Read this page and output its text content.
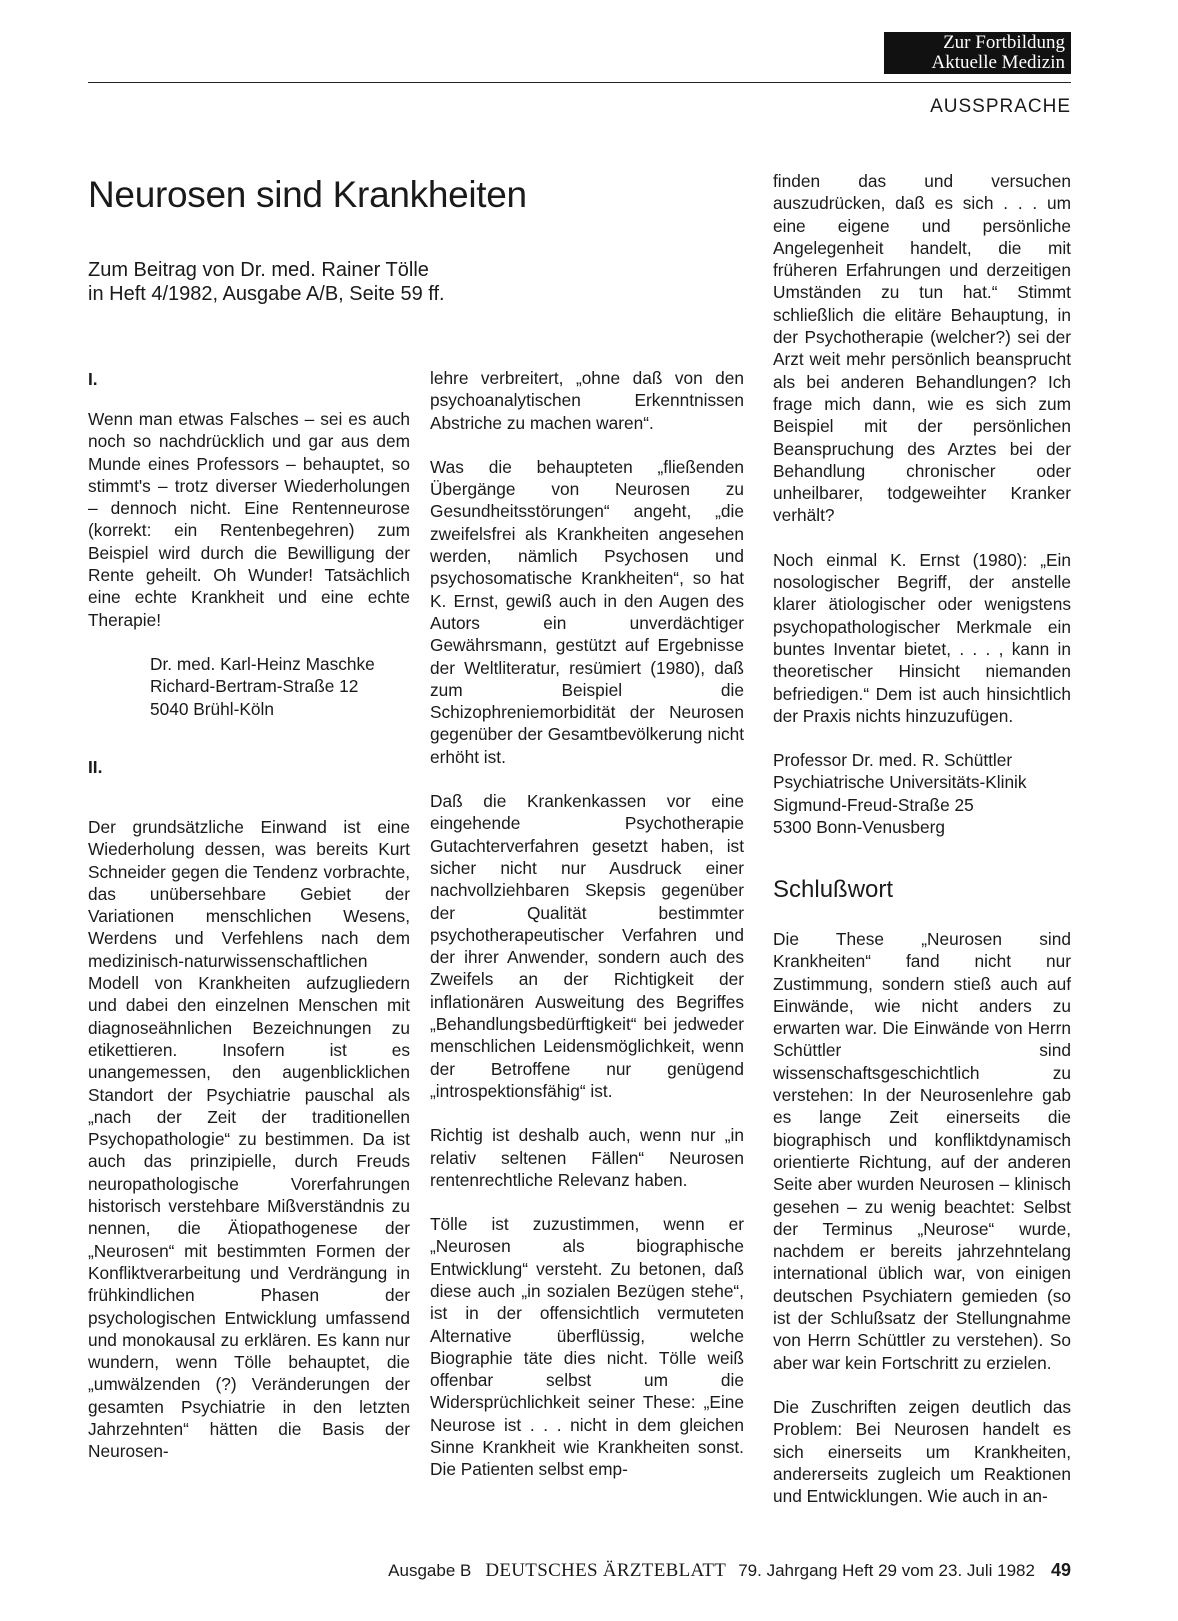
Zur Fortbildung
Aktuelle Medizin
AUSSPRACHE
Neurosen sind Krankheiten
Zum Beitrag von Dr. med. Rainer Tölle
in Heft 4/1982, Ausgabe A/B, Seite 59 ff.

I.

Wenn man etwas Falsches – sei es auch noch so nachdrücklich und gar aus dem Munde eines Professors – behauptet, so stimmt's – trotz diverser Wiederholungen – dennoch nicht. Eine Rentenneurose (korrekt: ein Rentenbegehren) zum Beispiel wird durch die Bewilligung der Rente geheilt. Oh Wunder! Tatsächlich eine echte Krankheit und eine echte Therapie!

Dr. med. Karl-Heinz Maschke
Richard-Bertram-Straße 12
5040 Brühl-Köln

II.

Der grundsätzliche Einwand ist eine Wiederholung dessen, was bereits Kurt Schneider gegen die Tendenz vorbrachte, das unübersehbare Gebiet der Variationen menschlichen Wesens, Werdens und Verfehlens nach dem medizinisch-naturwissenschaftlichen Modell von Krankheiten aufzugliedern und dabei den einzelnen Menschen mit diagnoseähnlichen Bezeichnungen zu etikettieren. Insofern ist es unangemessen, den augenblicklichen Standort der Psychiatrie pauschal als „nach der Zeit der traditionellen Psychopathologie“ zu bestimmen. Da ist auch das prinzipielle, durch Freuds neuropathologische Vorerfahrungen historisch verstehbare Mißverständnis zu nennen, die Ätiopathogenese der „Neurosen“ mit bestimmten Formen der Konfliktverarbeitung und Verdrängung in frühkindlichen Phasen der psychologischen Entwicklung umfassend und monokausal zu erklären. Es kann nur wundern, wenn Tölle behauptet, die „umwälzenden (?) Veränderungen der gesamten Psychiatrie in den letzten Jahrzehnten“ hätten die Basis der Neurosen-

lehre verbreitert, „ohne daß von den psychoanalytischen Erkenntnissen Abstriche zu machen waren“.

Was die behaupteten „fließenden Übergänge von Neurosen zu Gesundheitsstörungen“ angeht, „die zweifelsfrei als Krankheiten angesehen werden, nämlich Psychosen und psychosomatische Krankheiten“, so hat K. Ernst, gewiß auch in den Augen des Autors ein unverdächtiger Gewährsmann, gestützt auf Ergebnisse der Weltliteratur, resümiert (1980), daß zum Beispiel die Schizophreniemorbidität der Neurosen gegenüber der Gesamtbevölkerung nicht erhöht ist.

Daß die Krankenkassen vor eine eingehende Psychotherapie Gutachterverfahren gesetzt haben, ist sicher nicht nur Ausdruck einer nachvollziehbaren Skepsis gegenüber der Qualität bestimmter psychotherapeutischer Verfahren und der ihrer Anwender, sondern auch des Zweifels an der Richtigkeit der inflationären Ausweitung des Begriffes „Behandlungsbedürftigkeit“ bei jedweder menschlichen Leidensmöglichkeit, wenn der Betroffene nur genügend „introspektionsfähig“ ist.

Richtig ist deshalb auch, wenn nur „in relativ seltenen Fällen“ Neurosen rentenrechtliche Relevanz haben.

Tölle ist zuzustimmen, wenn er „Neurosen als biographische Entwicklung“ versteht. Zu betonen, daß diese auch „in sozialen Bezügen stehe“, ist in der offensichtlich vermuteten Alternative überflüssig, welche Biographie täte dies nicht. Tölle weiß offenbar selbst um die Widersprüchlichkeit seiner These: „Eine Neurose ist . . . nicht in dem gleichen Sinne Krankheit wie Krankheiten sonst. Die Patienten selbst emp-

finden das und versuchen auszudrücken, daß es sich . . . um eine eigene und persönliche Angelegenheit handelt, die mit früheren Erfahrungen und derzeitigen Umständen zu tun hat.“ Stimmt schließlich die elitäre Behauptung, in der Psychotherapie (welcher?) sei der Arzt weit mehr persönlich beansprucht als bei anderen Behandlungen? Ich frage mich dann, wie es sich zum Beispiel mit der persönlichen Beanspruchung des Arztes bei der Behandlung chronischer oder unheilbarer, todgeweihter Kranker verhält?

Noch einmal K. Ernst (1980): „Ein nosologischer Begriff, der anstelle klarer ätiologischer oder wenigstens psychopathologischer Merkmale ein buntes Inventar bietet, . . . , kann in theoretischer Hinsicht niemanden befriedigen.“ Dem ist auch hinsichtlich der Praxis nichts hinzuzufügen.

Professor Dr. med. R. Schüttler
Psychiatrische Universitäts-Klinik
Sigmund-Freud-Straße 25
5300 Bonn-Venusberg
Schlußwort

Die These „Neurosen sind Krankheiten“ fand nicht nur Zustimmung, sondern stieß auch auf Einwände, wie nicht anders zu erwarten war. Die Einwände von Herrn Schüttler sind wissenschaftsgeschichtlich zu verstehen: In der Neurosenlehre gab es lange Zeit einerseits die biographisch und konfliktdynamisch orientierte Richtung, auf der anderen Seite aber wurden Neurosen – klinisch gesehen – zu wenig beachtet: Selbst der Terminus „Neurose“ wurde, nachdem er bereits jahrzehntelang international üblich war, von einigen deutschen Psychiatern gemieden (so ist der Schlußsatz der Stellungnahme von Herrn Schüttler zu verstehen). So aber war kein Fortschritt zu erzielen.

Die Zuschriften zeigen deutlich das Problem: Bei Neurosen handelt es sich einerseits um Krankheiten, andererseits zugleich um Reaktionen und Entwicklungen. Wie auch in an-

Ausgabe B DEUTSCHES ÄRZTEBLATT 79. Jahrgang Heft 29 vom 23. Juli 1982 49
